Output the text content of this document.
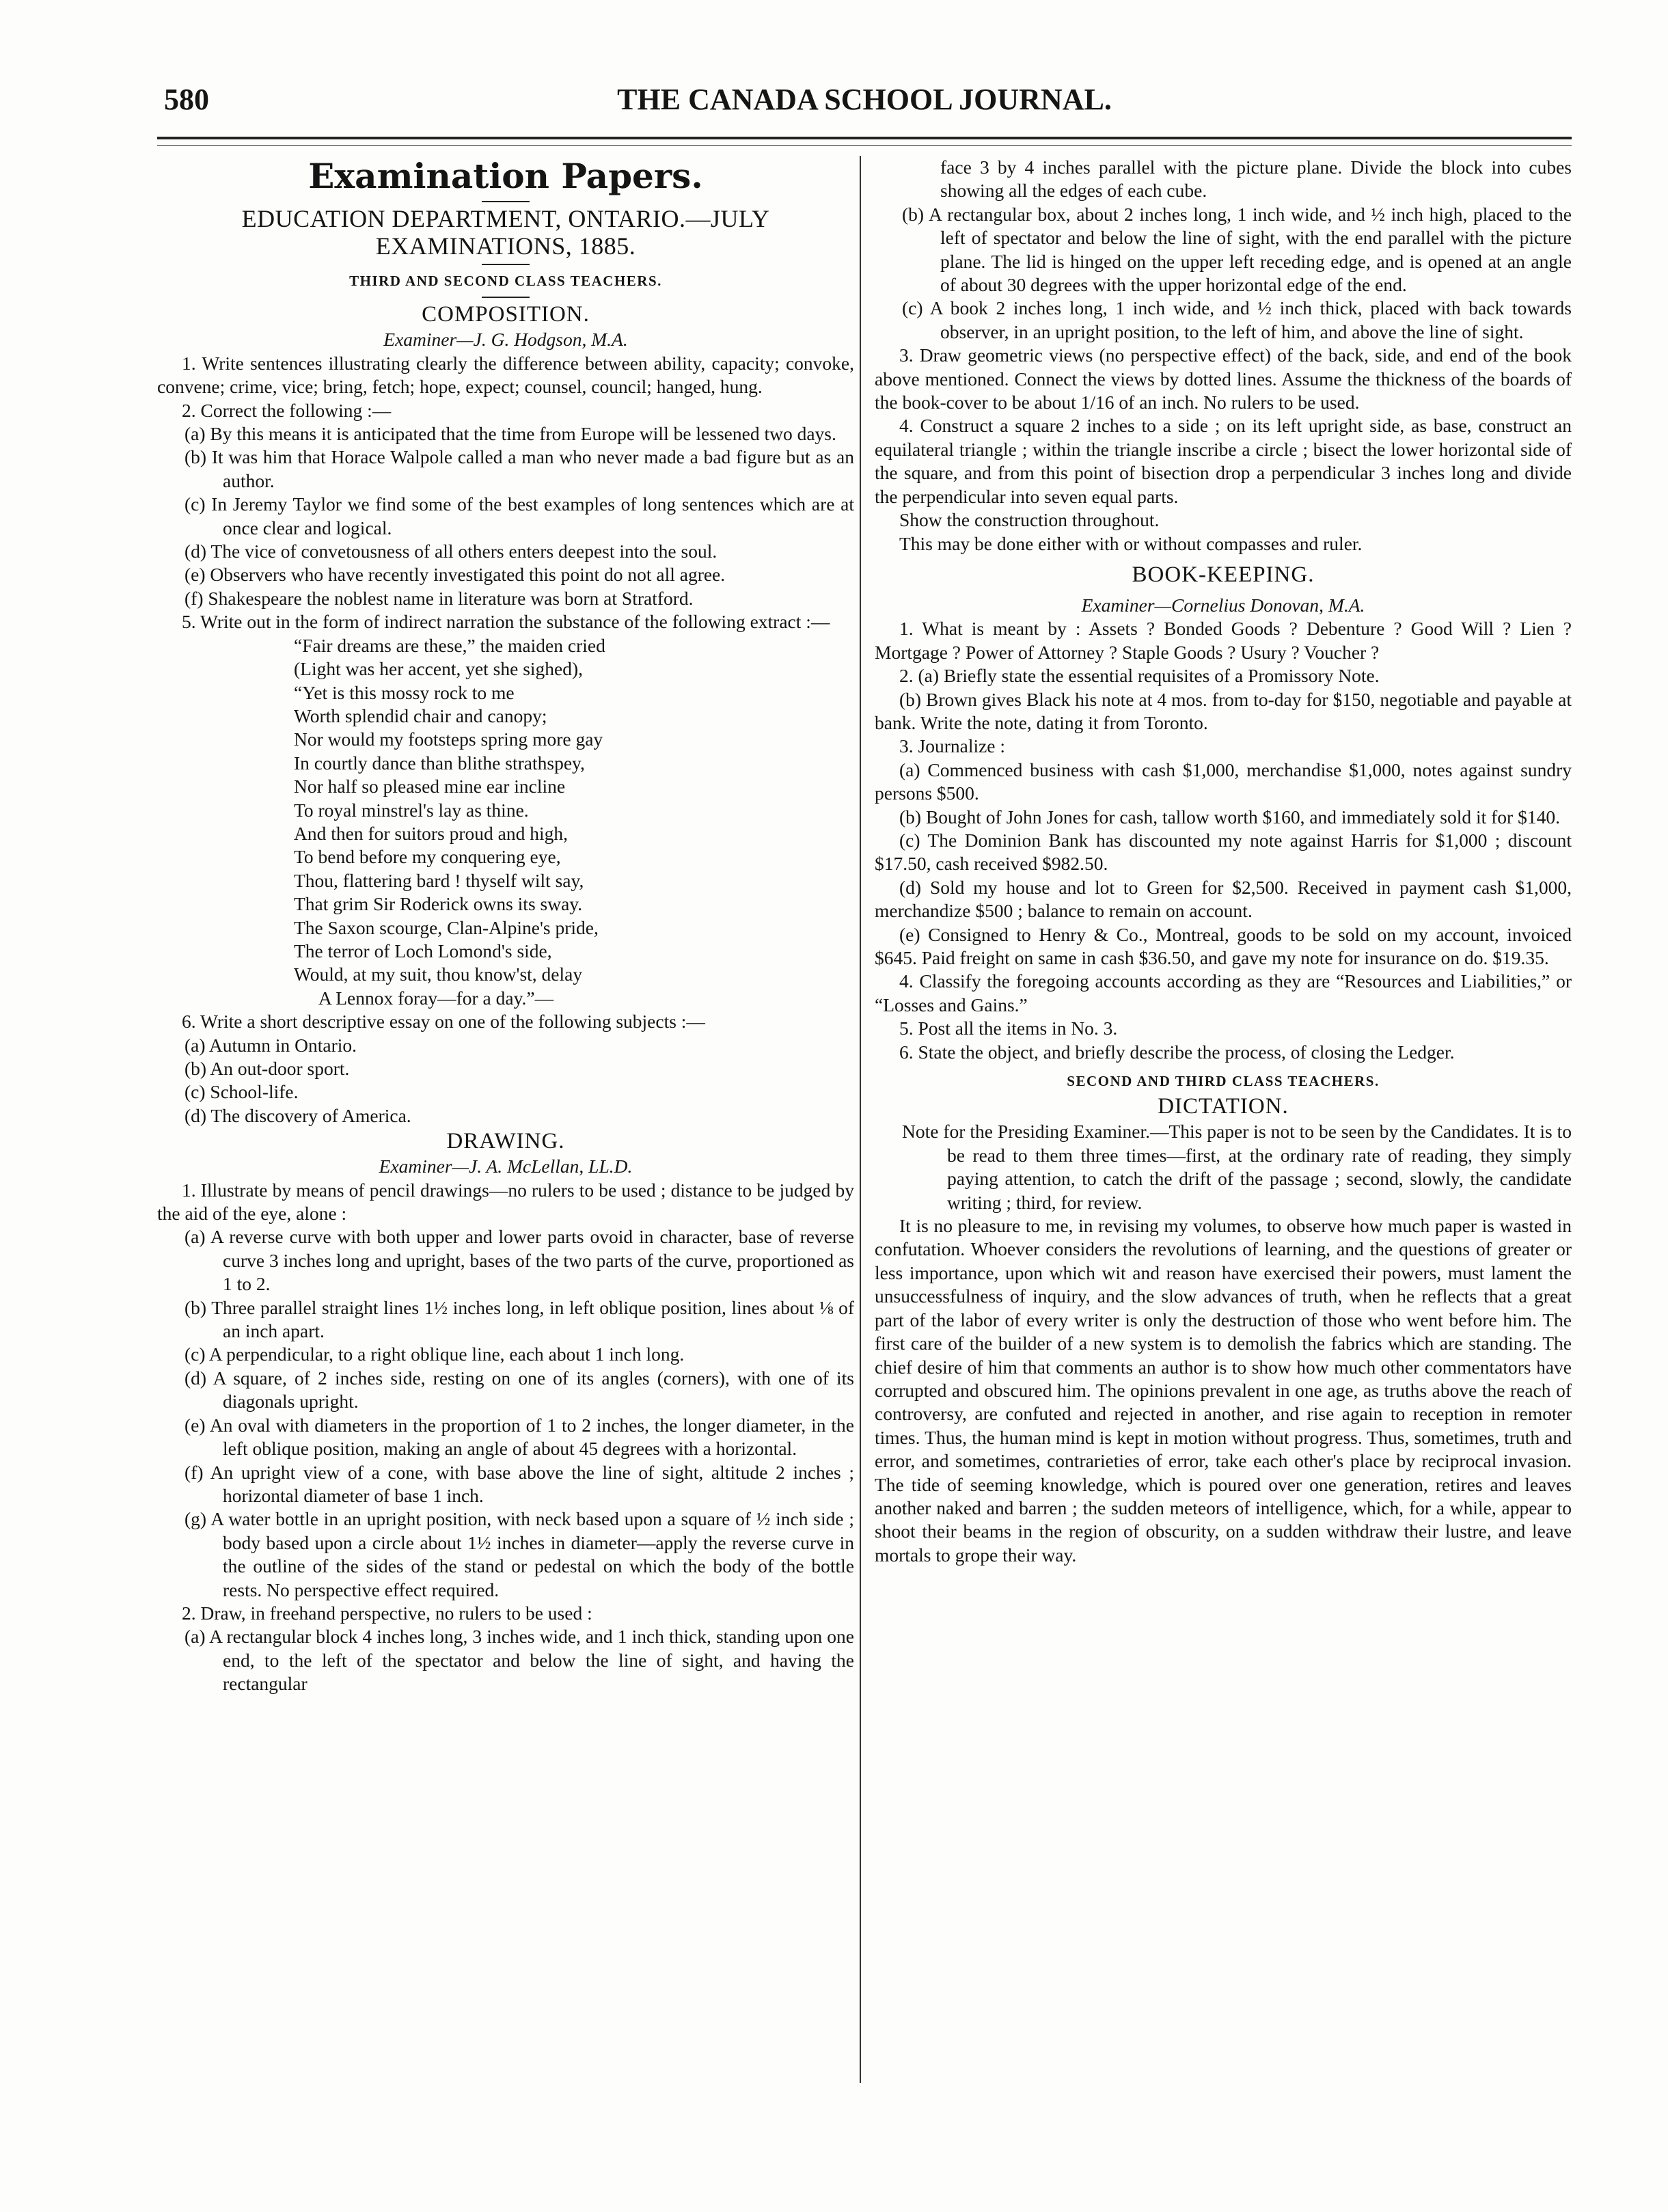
580	THE CANADA SCHOOL JOURNAL.

Examination Papers.

EDUCATION DEPARTMENT, ONTARIO.—JULY

EXAMINATIONS, 1885.

THIRD AND SECOND CLASS TEACHERS.

COMPOSITION.

Examiner—J. G. Hodgson, M.A.

1. Write sentences illustrating clearly the difference between ability, capacity; convoke, convene; crime, vice; bring, fetch; hope, expect; counsel, council; hanged, hung.

2. Correct the following :—

(a) By this means it is anticipated that the time from Europe will be lessened two days.

(b) It was him that Horace Walpole called a man who never made a bad figure but as an author.

(c) In Jeremy Taylor we find some of the best examples of long sentences which are at once clear and logical.

(d) The vice of convetousness of all others enters deepest into the soul.

(e) Observers who have recently investigated this point do not all agree.

(f) Shakespeare the noblest name in literature was born at Stratford.

5. Write out in the form of indirect narration the substance of the following extract :—

“Fair dreams are these,” the maiden cried

(Light was her accent, yet she sighed),

“Yet is this mossy rock to me

Worth splendid chair and canopy;

Nor would my footsteps spring more gay

In courtly dance than blithe strathspey,

Nor half so pleased mine ear incline

To royal minstrel's lay as thine.

And then for suitors proud and high,

To bend before my conquering eye,

Thou, flattering bard ! thyself wilt say,

That grim Sir Roderick owns its sway.

The Saxon scourge, Clan-Alpine's pride,

The terror of Loch Lomond's side,

Would, at my suit, thou know'st, delay

A Lennox foray—for a day.”—

6. Write a short descriptive essay on one of the following subjects :—

(a) Autumn in Ontario.

(b) An out-door sport.

(c) School-life.

(d) The discovery of America.

DRAWING.

Examiner—J. A. McLellan, LL.D.

1. Illustrate by means of pencil drawings—no rulers to be used ; distance to be judged by the aid of the eye, alone :

(a) A reverse curve with both upper and lower parts ovoid in character, base of reverse curve 3 inches long and upright, bases of the two parts of the curve, proportioned as 1 to 2.

(b) Three parallel straight lines 1½ inches long, in left oblique position, lines about ⅛ of an inch apart.

(c) A perpendicular, to a right oblique line, each about 1 inch long.

(d) A square, of 2 inches side, resting on one of its angles (corners), with one of its diagonals upright.

(e) An oval with diameters in the proportion of 1 to 2 inches, the longer diameter, in the left oblique position, making an angle of about 45 degrees with a horizontal.

(f) An upright view of a cone, with base above the line of sight, altitude 2 inches ; horizontal diameter of base 1 inch.

(g) A water bottle in an upright position, with neck based upon a square of ½ inch side ; body based upon a circle about 1½ inches in diameter—apply the reverse curve in the outline of the sides of the stand or pedestal on which the body of the bottle rests. No perspective effect required.

2. Draw, in freehand perspective, no rulers to be used :

(a) A rectangular block 4 inches long, 3 inches wide, and 1 inch thick, standing upon one end, to the left of the spectator and below the line of sight, and having the rectangular

face 3 by 4 inches parallel with the picture plane. Divide the block into cubes showing all the edges of each cube.

(b) A rectangular box, about 2 inches long, 1 inch wide, and ½ inch high, placed to the left of spectator and below the line of sight, with the end parallel with the picture plane. The lid is hinged on the upper left receding edge, and is opened at an angle of about 30 degrees with the upper horizontal edge of the end.

(c) A book 2 inches long, 1 inch wide, and ½ inch thick, placed with back towards observer, in an upright position, to the left of him, and above the line of sight.

3. Draw geometric views (no perspective effect) of the back, side, and end of the book above mentioned. Connect the views by dotted lines. Assume the thickness of the boards of the book-cover to be about 1/16 of an inch. No rulers to be used.

4. Construct a square 2 inches to a side ; on its left upright side, as base, construct an equilateral triangle ; within the triangle inscribe a circle ; bisect the lower horizontal side of the square, and from this point of bisection drop a perpendicular 3 inches long and divide the perpendicular into seven equal parts.

Show the construction throughout.

This may be done either with or without compasses and ruler.

BOOK-KEEPING.

Examiner—Cornelius Donovan, M.A.

1. What is meant by : Assets ? Bonded Goods ? Debenture ? Good Will ? Lien ? Mortgage ? Power of Attorney ? Staple Goods ? Usury ? Voucher ?

2. (a) Briefly state the essential requisites of a Promissory Note.

(b) Brown gives Black his note at 4 mos. from to-day for $150, negotiable and payable at bank. Write the note, dating it from Toronto.

3. Journalize :

(a) Commenced business with cash $1,000, merchandise $1,000, notes against sundry persons $500.

(b) Bought of John Jones for cash, tallow worth $160, and immediately sold it for $140.

(c) The Dominion Bank has discounted my note against Harris for $1,000 ; discount $17.50, cash received $982.50.

(d) Sold my house and lot to Green for $2,500. Received in payment cash $1,000, merchandize $500 ; balance to remain on account.

(e) Consigned to Henry & Co., Montreal, goods to be sold on my account, invoiced $645. Paid freight on same in cash $36.50, and gave my note for insurance on do. $19.35.

4. Classify the foregoing accounts according as they are “Resources and Liabilities,” or “Losses and Gains.”

5. Post all the items in No. 3.

6. State the object, and briefly describe the process, of closing the Ledger.

SECOND AND THIRD CLASS TEACHERS.

DICTATION.

Note for the Presiding Examiner.—This paper is not to be seen by the Candidates. It is to be read to them three times—first, at the ordinary rate of reading, they simply paying attention, to catch the drift of the passage ; second, slowly, the candidate writing ; third, for review.

It is no pleasure to me, in revising my volumes, to observe how much paper is wasted in confutation. Whoever considers the revolutions of learning, and the questions of greater or less importance, upon which wit and reason have exercised their powers, must lament the unsuccessfulness of inquiry, and the slow advances of truth, when he reflects that a great part of the labor of every writer is only the destruction of those who went before him. The first care of the builder of a new system is to demolish the fabrics which are standing. The chief desire of him that comments an author is to show how much other commentators have corrupted and obscured him. The opinions prevalent in one age, as truths above the reach of controversy, are confuted and rejected in another, and rise again to reception in remoter times. Thus, the human mind is kept in motion without progress. Thus, sometimes, truth and error, and sometimes, contrarieties of error, take each other's place by reciprocal invasion. The tide of seeming knowledge, which is poured over one generation, retires and leaves another naked and barren ; the sudden meteors of intelligence, which, for a while, appear to shoot their beams in the region of obscurity, on a sudden withdraw their lustre, and leave mortals to grope their way.
